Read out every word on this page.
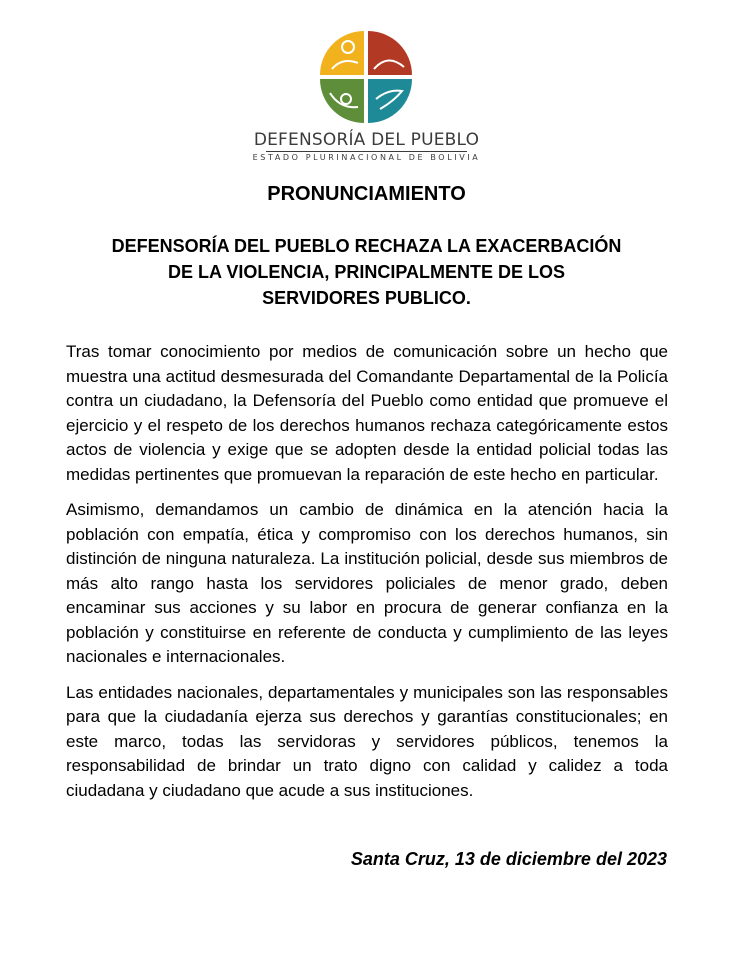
DEFENSORÍA DEL PUEBLO
ESTADO PLURINACIONAL DE BOLIVIA
PRONUNCIAMIENTO
DEFENSORÍA DEL PUEBLO RECHAZA LA EXACERBACIÓN
DE LA VIOLENCIA, PRINCIPALMENTE DE LOS
SERVIDORES PUBLICO.

Tras tomar conocimiento por medios de comunicación sobre un hecho que muestra una actitud desmesurada del Comandante Departamental de la Policía contra un ciudadano, la Defensoría del Pueblo como entidad que promueve el ejercicio y el respeto de los derechos humanos rechaza categóricamente estos actos de violencia y exige que se adopten desde la entidad policial todas las medidas pertinentes que promuevan la reparación de este hecho en particular.

Asimismo, demandamos un cambio de dinámica en la atención hacia la población con empatía, ética y compromiso con los derechos humanos, sin distinción de ninguna naturaleza. La institución policial, desde sus miembros de más alto rango hasta los servidores policiales de menor grado, deben encaminar sus acciones y su labor en procura de generar confianza en la población y constituirse en referente de conducta y cumplimiento de las leyes nacionales e internacionales.

Las entidades nacionales, departamentales y municipales son las responsables para que la ciudadanía ejerza sus derechos y garantías constitucionales; en este marco, todas las servidoras y servidores públicos, tenemos la responsabilidad de brindar un trato digno con calidad y calidez a toda ciudadana y ciudadano que acude a sus instituciones.

Santa Cruz, 13 de diciembre del 2023
